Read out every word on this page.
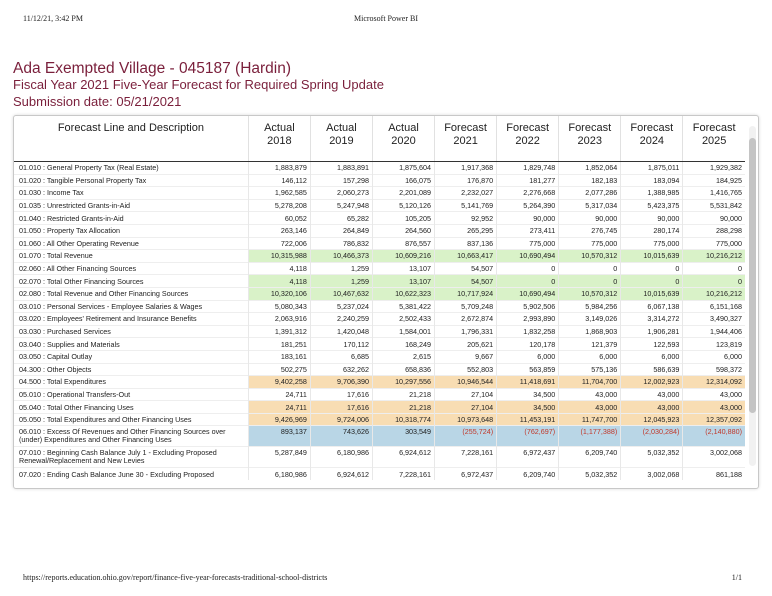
11/12/21, 3:42 PM	Microsoft Power BI
Ada Exempted Village - 045187 (Hardin)
Fiscal Year 2021 Five-Year Forecast for Required Spring Update
Submission date: 05/21/2021
Forecast Line and Description	Actual 2018	Actual 2019	Actual 2020	Forecast 2021	Forecast 2022	Forecast 2023	Forecast 2024	Forecast 2025
01.010 : General Property Tax (Real Estate)	1,883,879	1,883,891	1,875,604	1,917,368	1,829,748	1,852,064	1,875,011	1,929,382
01.020 : Tangible Personal Property Tax	146,112	157,298	166,075	176,870	181,277	182,183	183,094	184,925
01.030 : Income Tax	1,962,585	2,060,273	2,201,089	2,232,027	2,276,668	2,077,286	1,388,985	1,416,765
01.035 : Unrestricted Grants-in-Aid	5,278,208	5,247,948	5,120,126	5,141,769	5,264,390	5,317,034	5,423,375	5,531,842
01.040 : Restricted Grants-in-Aid	60,052	65,282	105,205	92,952	90,000	90,000	90,000	90,000
01.050 : Property Tax Allocation	263,146	264,849	264,560	265,295	273,411	276,745	280,174	288,298
01.060 : All Other Operating Revenue	722,006	786,832	876,557	837,136	775,000	775,000	775,000	775,000
01.070 : Total Revenue	10,315,988	10,466,373	10,609,216	10,663,417	10,690,494	10,570,312	10,015,639	10,216,212
02.060 : All Other Financing Sources	4,118	1,259	13,107	54,507	0	0	0	0
02.070 : Total Other Financing Sources	4,118	1,259	13,107	54,507	0	0	0	0
02.080 : Total Revenue and Other Financing Sources	10,320,106	10,467,632	10,622,323	10,717,924	10,690,494	10,570,312	10,015,639	10,216,212
03.010 : Personal Services - Employee Salaries & Wages	5,080,343	5,237,024	5,381,422	5,709,248	5,902,506	5,984,256	6,067,138	6,151,168
03.020 : Employees' Retirement and Insurance Benefits	2,063,916	2,240,259	2,502,433	2,672,874	2,993,890	3,149,026	3,314,272	3,490,327
03.030 : Purchased Services	1,391,312	1,420,048	1,584,001	1,796,331	1,832,258	1,868,903	1,906,281	1,944,406
03.040 : Supplies and Materials	181,251	170,112	168,249	205,621	120,178	121,379	122,593	123,819
03.050 : Capital Outlay	183,161	6,685	2,615	9,667	6,000	6,000	6,000	6,000
04.300 : Other Objects	502,275	632,262	658,836	552,803	563,859	575,136	586,639	598,372
04.500 : Total Expenditures	9,402,258	9,706,390	10,297,556	10,946,544	11,418,691	11,704,700	12,002,923	12,314,092
05.010 : Operational Transfers-Out	24,711	17,616	21,218	27,104	34,500	43,000	43,000	43,000
05.040 : Total Other Financing Uses	24,711	17,616	21,218	27,104	34,500	43,000	43,000	43,000
05.050 : Total Expenditures and Other Financing Uses	9,426,969	9,724,006	10,318,774	10,973,648	11,453,191	11,747,700	12,045,923	12,357,092
06.010 : Excess Of Revenues and Other Financing Sources over (under) Expenditures and Other Financing Uses	893,137	743,626	303,549	(255,724)	(762,697)	(1,177,388)	(2,030,284)	(2,140,880)
07.010 : Beginning Cash Balance July 1 - Excluding Proposed Renewal/Replacement and New Levies	5,287,849	6,180,986	6,924,612	7,228,161	6,972,437	6,209,740	5,032,352	3,002,068
07.020 : Ending Cash Balance June 30 - Excluding Proposed	6,180,986	6,924,612	7,228,161	6,972,437	6,209,740	5,032,352	3,002,068	861,188
https://reports.education.ohio.gov/report/finance-five-year-forecasts-traditional-school-districts	1/1
